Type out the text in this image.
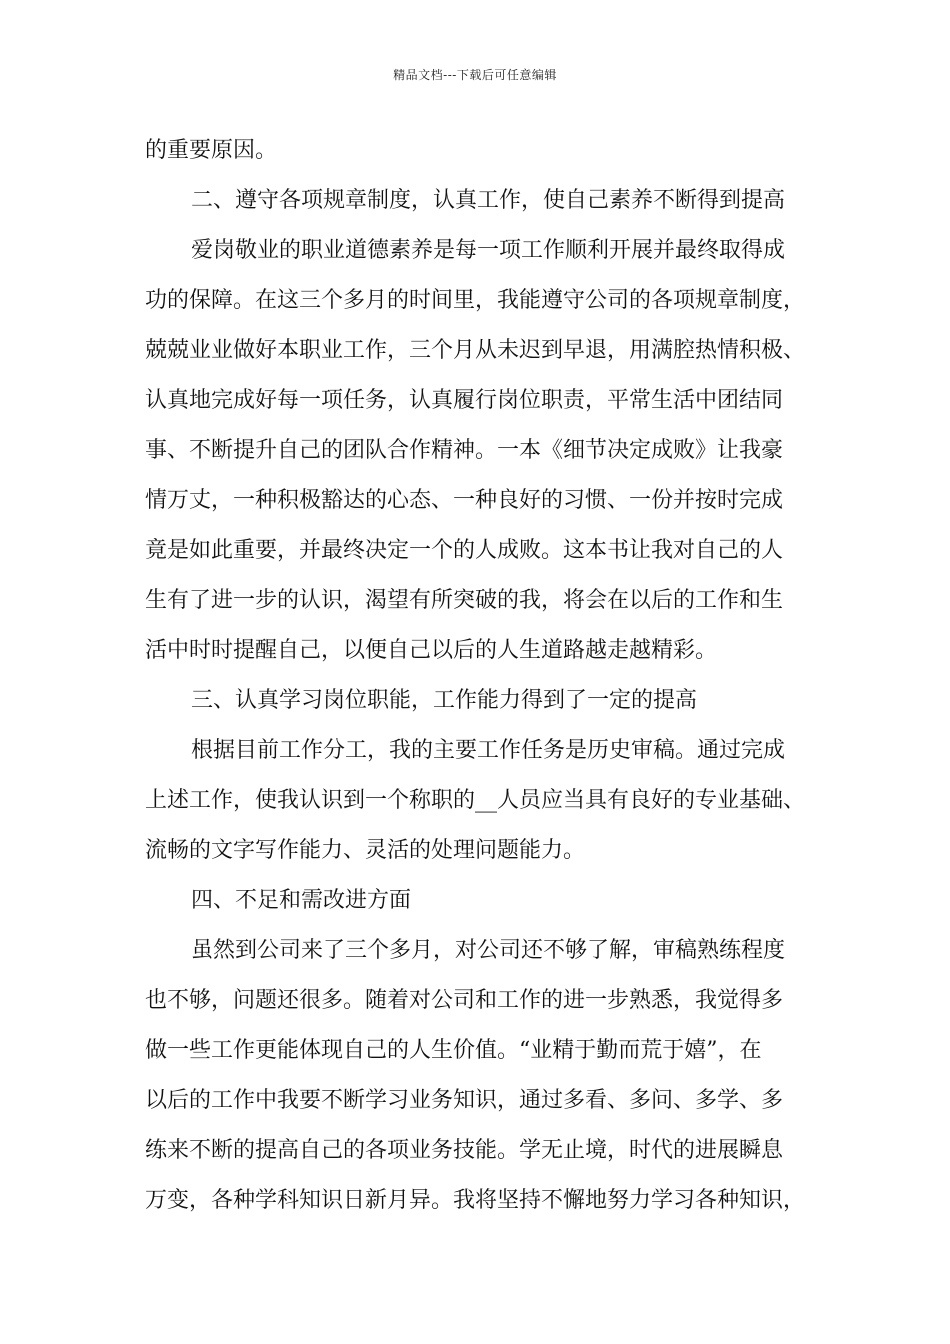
精品文档---下载后可任意编辑
的重要原因。
二、遵守各项规章制度，认真工作，使自己素养不断得到提高
爱岗敬业的职业道德素养是每一项工作顺利开展并最终取得成
功的保障。在这三个多月的时间里，我能遵守公司的各项规章制度，
兢兢业业做好本职业工作，三个月从未迟到早退，用满腔热情积极、
认真地完成好每一项任务，认真履行岗位职责，平常生活中团结同
事、不断提升自己的团队合作精神。一本《细节决定成败》让我豪
情万丈，一种积极豁达的心态、一种良好的习惯、一份并按时完成
竟是如此重要，并最终决定一个的人成败。这本书让我对自己的人
生有了进一步的认识，渴望有所突破的我，将会在以后的工作和生
活中时时提醒自己，以便自己以后的人生道路越走越精彩。
三、认真学习岗位职能，工作能力得到了一定的提高
根据目前工作分工，我的主要工作任务是历史审稿。通过完成
上述工作，使我认识到一个称职的__人员应当具有良好的专业基础、
流畅的文字写作能力、灵活的处理问题能力。
四、不足和需改进方面
虽然到公司来了三个多月，对公司还不够了解，审稿熟练程度
也不够，问题还很多。随着对公司和工作的进一步熟悉，我觉得多
做一些工作更能体现自己的人生价值。“业精于勤而荒于嬉”，在
以后的工作中我要不断学习业务知识，通过多看、多问、多学、多
练来不断的提高自己的各项业务技能。学无止境，时代的进展瞬息
万变，各种学科知识日新月异。我将坚持不懈地努力学习各种知识，
